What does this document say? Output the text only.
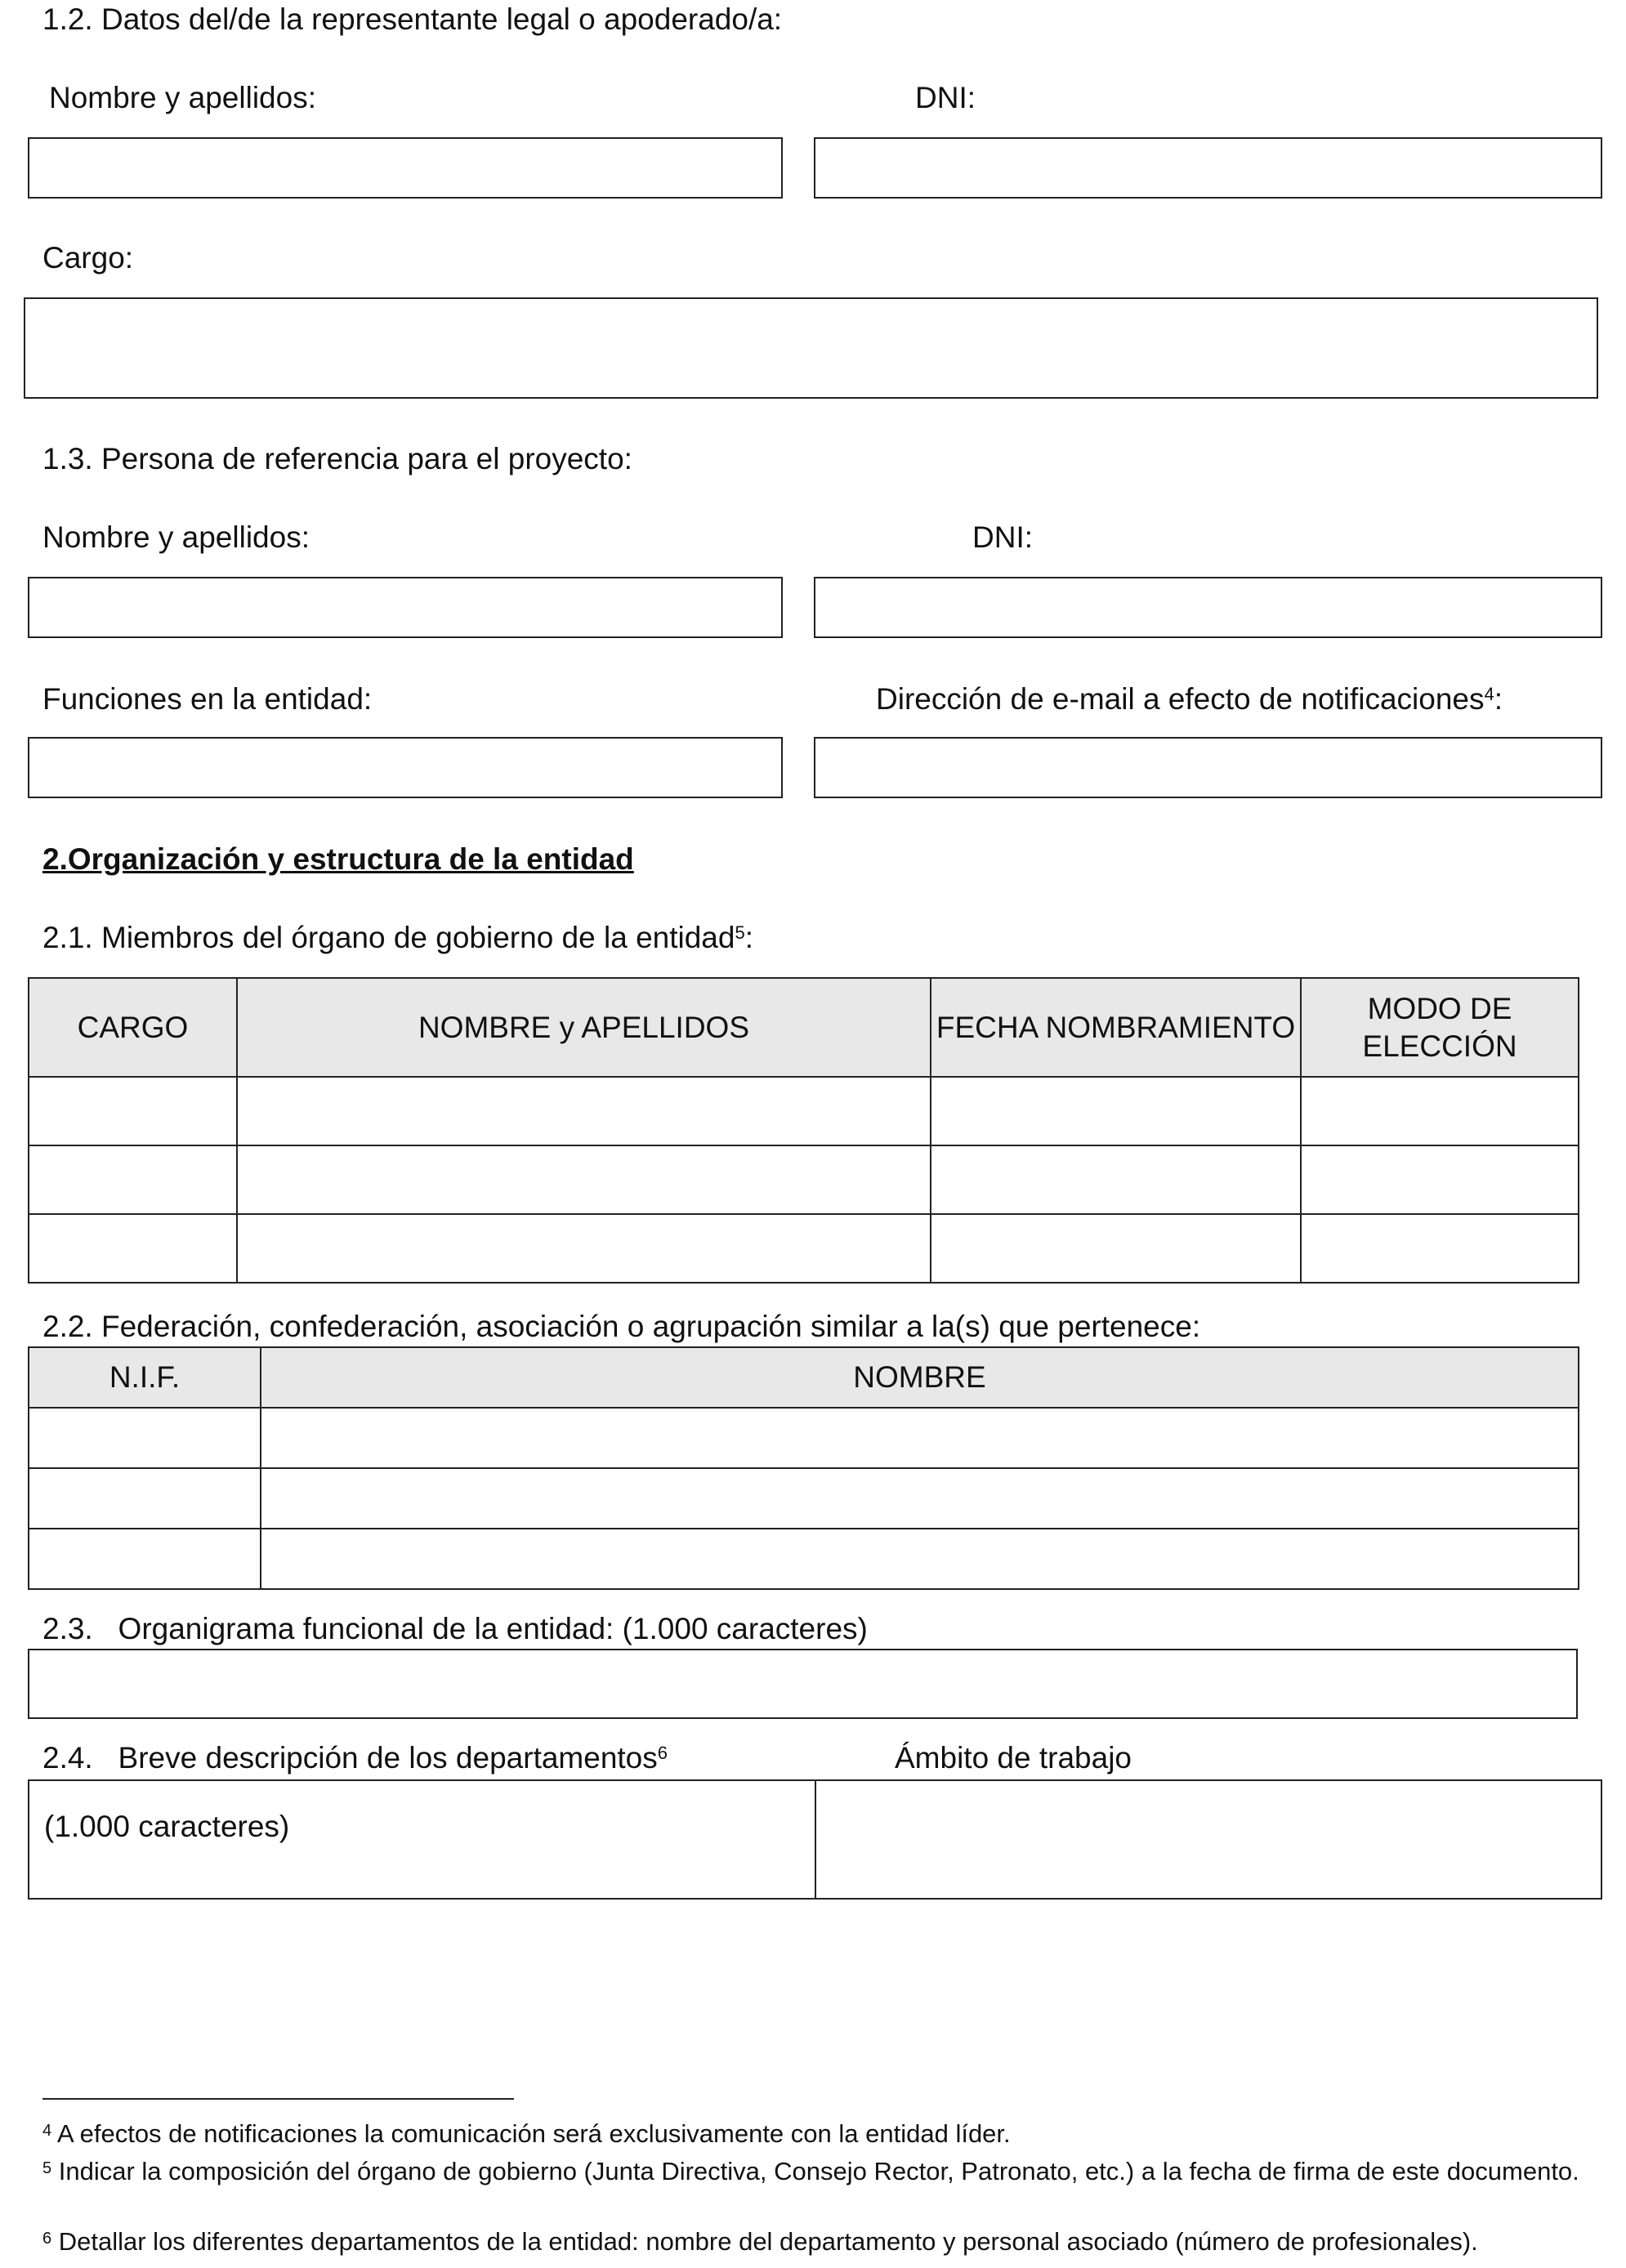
1.2. Datos del/de la representante legal o apoderado/a:
Nombre y apellidos:	DNI:
Cargo:
1.3. Persona de referencia para el proyecto:
Nombre y apellidos:	DNI:
Funciones en la entidad:	Dirección de e-mail a efecto de notificaciones$^4$:
2.Organización y estructura de la entidad
2.1. Miembros del órgano de gobierno de la entidad$^5$:
CARGO	NOMBRE y APELLIDOS	FECHA NOMBRAMIENTO	MODO DE
ELECCIÓN

2.2. Federación, confederación, asociación o agrupación similar a la(s) que pertenece:
N.I.F.	NOMBRE

2.3.   Organigrama funcional de la entidad: (1.000 caracteres)
2.4.   Breve descripción de los departamentos$^6$	Ámbito de trabajo
(1.000 caracteres)
$^4$ A efectos de notificaciones la comunicación será exclusivamente con la entidad líder.
$^5$ Indicar la composición del órgano de gobierno (Junta Directiva, Consejo Rector, Patronato, etc.) a la fecha de firma de este documento.
$^6$ Detallar los diferentes departamentos de la entidad: nombre del departamento y personal asociado (número de profesionales).
